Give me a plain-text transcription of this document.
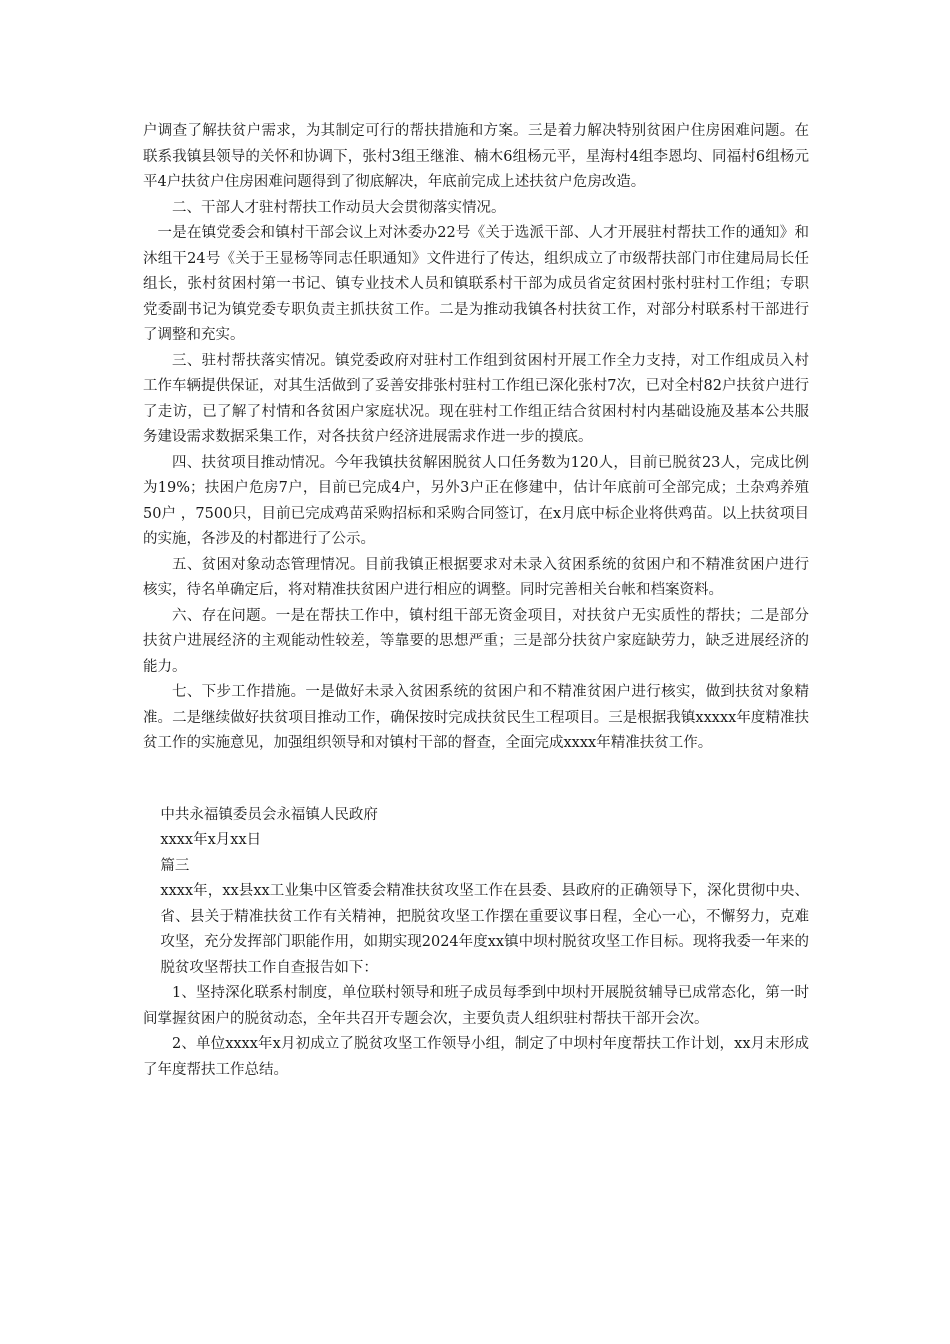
户调查了解扶贫户需求，为其制定可行的帮扶措施和方案。三是着力解决特别贫困户住房困难问题。在联系我镇县领导的关怀和协调下，张村3组王继淮、楠木6组杨元平，星海村4组李恩均、同福村6组杨元平4户扶贫户住房困难问题得到了彻底解决，年底前完成上述扶贫户危房改造。

二、干部人才驻村帮扶工作动员大会贯彻落实情况。

一是在镇党委会和镇村干部会议上对沐委办22号《关于选派干部、人才开展驻村帮扶工作的通知》和沐组干24号《关于王显杨等同志任职通知》文件进行了传达，组织成立了市级帮扶部门市住建局局长任组长，张村贫困村第一书记、镇专业技术人员和镇联系村干部为成员省定贫困村张村驻村工作组；专职党委副书记为镇党委专职负责主抓扶贫工作。二是为推动我镇各村扶贫工作，对部分村联系村干部进行了调整和充实。

三、驻村帮扶落实情况。镇党委政府对驻村工作组到贫困村开展工作全力支持，对工作组成员入村工作车辆提供保证，对其生活做到了妥善安排张村驻村工作组已深化张村7次，已对全村82户扶贫户进行了走访，已了解了村情和各贫困户家庭状况。现在驻村工作组正结合贫困村村内基础设施及基本公共服务建设需求数据采集工作，对各扶贫户经济进展需求作进一步的摸底。

四、扶贫项目推动情况。今年我镇扶贫解困脱贫人口任务数为120人，目前已脱贫23人，完成比例为19%；扶困户危房7户，目前已完成4户，另外3户正在修建中，估计年底前可全部完成；土杂鸡养殖50户 ，7500只，目前已完成鸡苗采购招标和采购合同签订，在x月底中标企业将供鸡苗。以上扶贫项目的实施，各涉及的村都进行了公示。

五、贫困对象动态管理情况。目前我镇正根据要求对未录入贫困系统的贫困户和不精准贫困户进行核实，待名单确定后，将对精准扶贫困户进行相应的调整。同时完善相关台帐和档案资料。

六、存在问题。一是在帮扶工作中，镇村组干部无资金项目，对扶贫户无实质性的帮扶；二是部分扶贫户进展经济的主观能动性较差，等靠要的思想严重；三是部分扶贫户家庭缺劳力，缺乏进展经济的能力。

七、下步工作措施。一是做好未录入贫困系统的贫困户和不精准贫困户进行核实，做到扶贫对象精准。二是继续做好扶贫项目推动工作，确保按时完成扶贫民生工程项目。三是根据我镇xxxxx年度精准扶贫工作的实施意见，加强组织领导和对镇村干部的督查，全面完成xxxx年精准扶贫工作。

中共永福镇委员会永福镇人民政府

xxxx年x月xx日

篇三

xxxx年，xx县xx工业集中区管委会精准扶贫攻坚工作在县委、县政府的正确领导下，深化贯彻中央、省、县关于精准扶贫工作有关精神，把脱贫攻坚工作摆在重要议事日程，全心一心，不懈努力，克难攻坚，充分发挥部门职能作用，如期实现2024年度xx镇中坝村脱贫攻坚工作目标。现将我委一年来的脱贫攻坚帮扶工作自查报告如下：

1、坚持深化联系村制度，单位联村领导和班子成员每季到中坝村开展脱贫辅导已成常态化，第一时间掌握贫困户的脱贫动态，全年共召开专题会次，主要负责人组织驻村帮扶干部开会次。

2、单位xxxx年x月初成立了脱贫攻坚工作领导小组，制定了中坝村年度帮扶工作计划，xx月末形成了年度帮扶工作总结。
